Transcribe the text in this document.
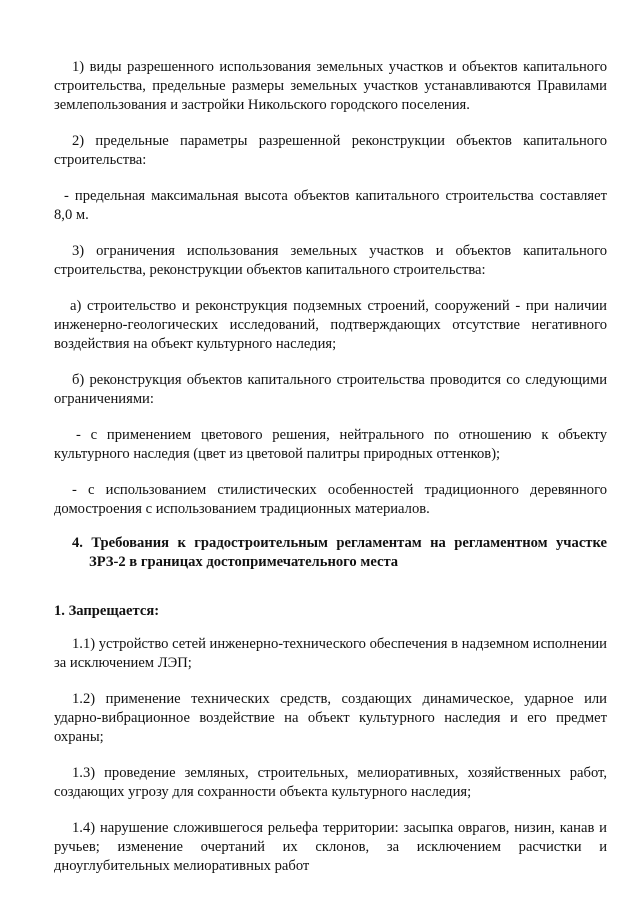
1) виды разрешенного использования земельных участков и объектов капитального строительства, предельные размеры земельных участков устанавливаются Правилами землепользования и застройки Никольского городского поселения.

2) предельные параметры разрешенной реконструкции объектов капитального строительства:

- предельная максимальная высота объектов капитального строительства составляет 8,0 м.

3) ограничения использования земельных участков и объектов капитального строительства, реконструкции объектов капитального строительства:

а) строительство и реконструкция подземных строений, сооружений - при наличии инженерно-геологических исследований, подтверждающих отсутствие негативного воздействия на объект культурного наследия;

б) реконструкция объектов капитального строительства проводится со следующими ограничениями:

- с применением цветового решения, нейтрального по отношению к объекту культурного наследия (цвет из цветовой палитры природных оттенков);

- с использованием стилистических особенностей традиционного деревянного домостроения с использованием традиционных материалов.

4. Требования к градостроительным регламентам на регламентном участке ЗРЗ-2 в границах достопримечательного места

1. Запрещается:

1.1) устройство сетей инженерно-технического обеспечения в надземном исполнении за исключением ЛЭП;

1.2) применение технических средств, создающих динамическое, ударное или ударно-вибрационное воздействие на объект культурного наследия и его предмет охраны;

1.3) проведение земляных, строительных, мелиоративных, хозяйственных работ, создающих угрозу для сохранности объекта культурного наследия;

1.4) нарушение сложившегося рельефа территории: засыпка оврагов, низин, канав и ручьев; изменение очертаний их склонов, за исключением расчистки и дноуглубительных мелиоративных работ
